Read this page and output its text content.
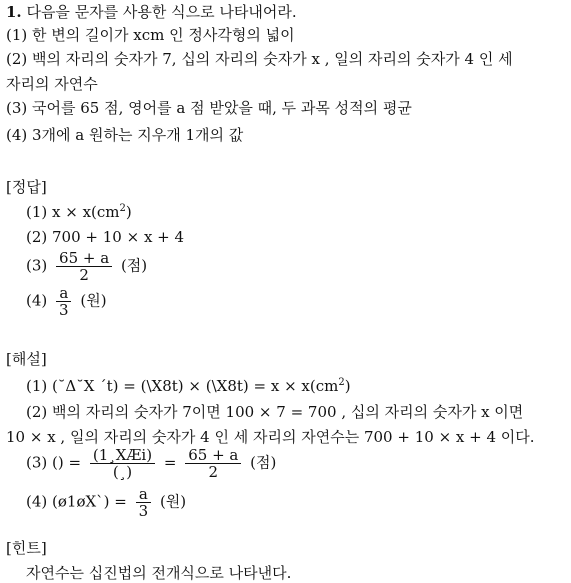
1. 다음을 문자를 사용한 식으로 나타내어라.
(1) 한 변의 길이가 xcm 인 정사각형의 넓이
(2) 백의 자리의 숫자가 7, 십의 자리의 숫자가 x , 일의 자리의 숫자가 4 인 세
자리의 자연수
(3) 국어를 65 점, 영어를 a 점 받았을 때, 두 과목 성적의 평균
(4) 3개에 a 원하는 지우개 1개의 값
[정답]
(1) $x \times x(cm^2)$
(2) 700 + 10 × x + 4
$(3) \frac{65 + a}{2}$ (점)
$(4) \frac{a}{3}$ (원)
[해설]
(1) (˘Δ˘X ´t) = (\X8t) × (\X8t) = $x \times x(cm^2)$
(2) 백의 자리의 숫자가 7이면 100 × 7 = 700 , 십의 자리의 숫자가 x 이면
10 × x , 일의 자리의 숫자가 4 인 세 자리의 자연수는 700 + 10 × x + 4 이다.
(3) () = $\frac{\text{(1¸XÆi)}}{(¸)} = \frac{65 + a}{2}$ (점)
(4) (ø1øX`) = $\frac{a}{3}$ (원)
[힌트]
자연수는 십진법의 전개식으로 나타낸다.
